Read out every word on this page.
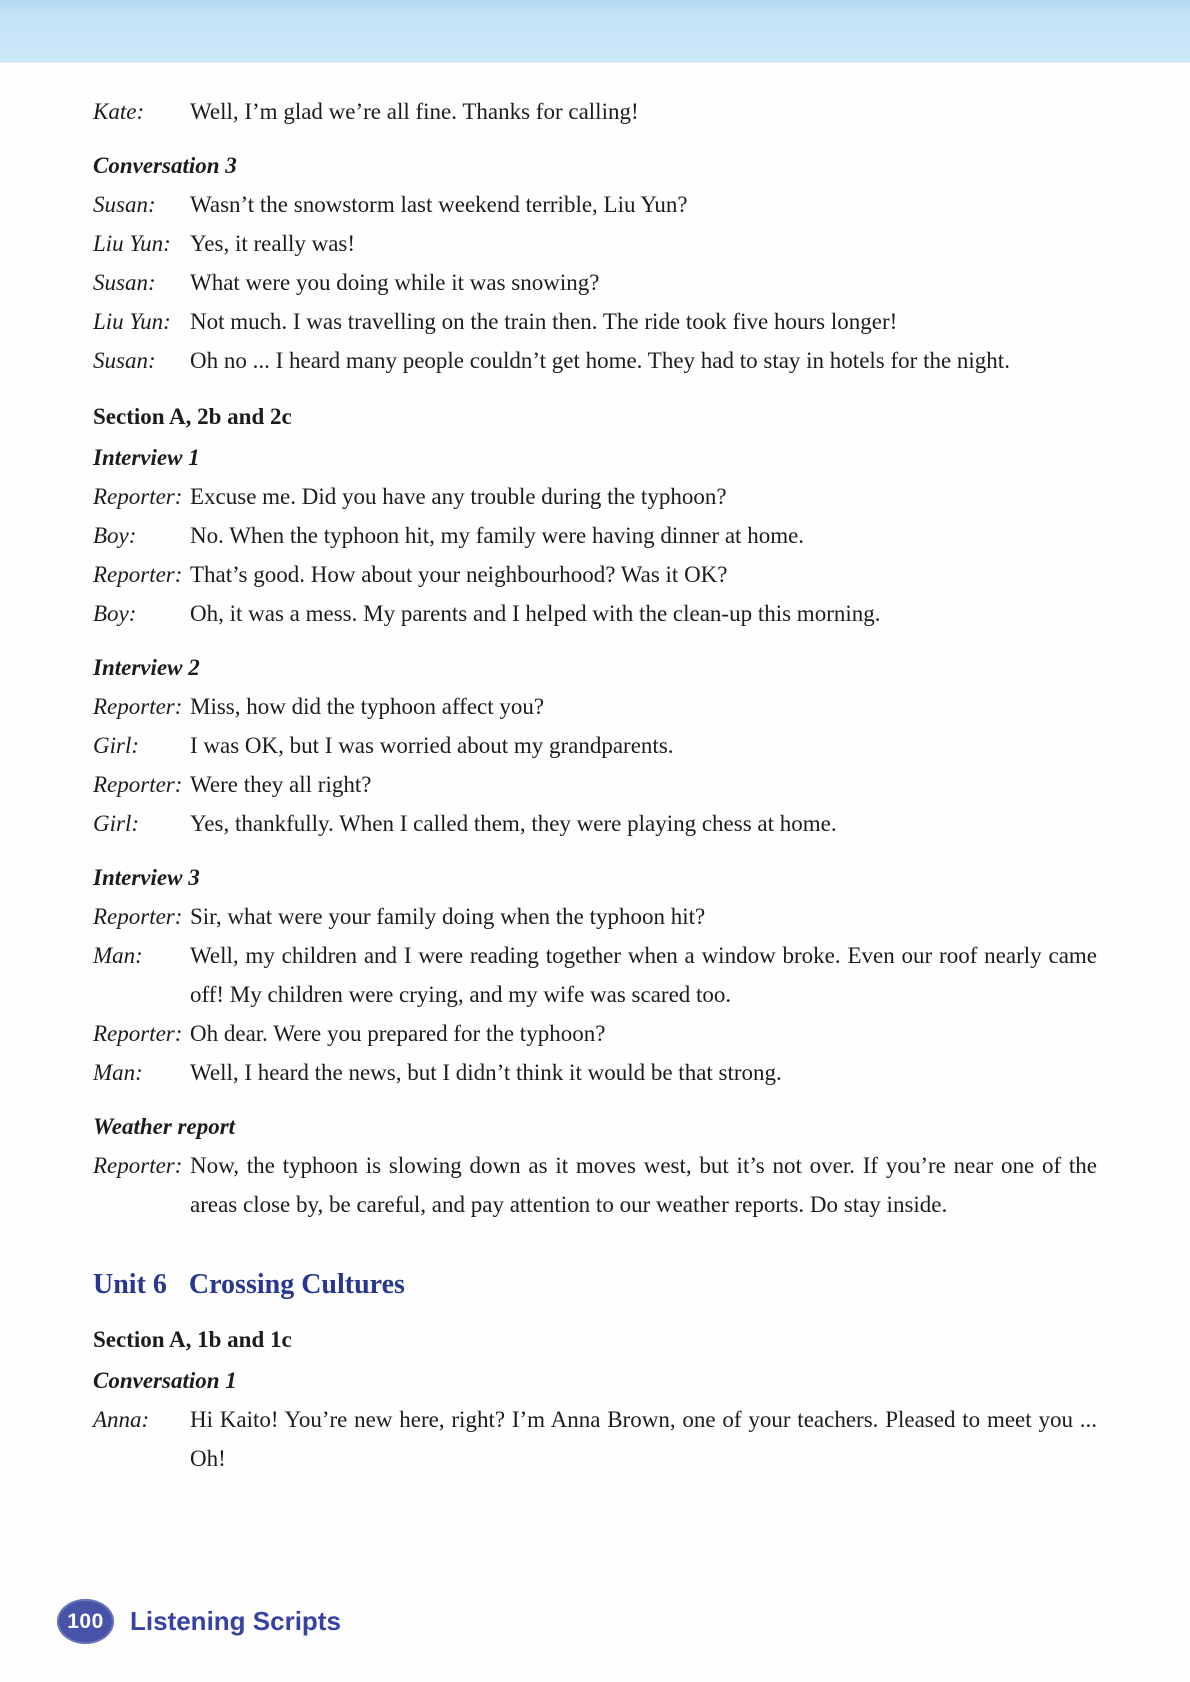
Kate:	Well, I’m glad we’re all fine. Thanks for calling!
Conversation 3
Susan:	Wasn’t the snowstorm last weekend terrible, Liu Yun?
Liu Yun: Yes, it really was!
Susan:	What were you doing while it was snowing?
Liu Yun: Not much. I was travelling on the train then. The ride took five hours longer!
Susan:	Oh no ... I heard many people couldn’t get home. They had to stay in hotels for the night.
Section A, 2b and 2c
Interview 1
Reporter: Excuse me. Did you have any trouble during the typhoon?
Boy:	No. When the typhoon hit, my family were having dinner at home.
Reporter: That’s good. How about your neighbourhood? Was it OK?
Boy:	Oh, it was a mess. My parents and I helped with the clean-up this morning.
Interview 2
Reporter: Miss, how did the typhoon affect you?
Girl:	I was OK, but I was worried about my grandparents.
Reporter: Were they all right?
Girl:	Yes, thankfully. When I called them, they were playing chess at home.
Interview 3
Reporter: Sir, what were your family doing when the typhoon hit?
Man:	Well, my children and I were reading together when a window broke. Even our roof nearly came off! My children were crying, and my wife was scared too.
Reporter: Oh dear. Were you prepared for the typhoon?
Man:	Well, I heard the news, but I didn’t think it would be that strong.
Weather report
Reporter: Now, the typhoon is slowing down as it moves west, but it’s not over. If you’re near one of the areas close by, be careful, and pay attention to our weather reports. Do stay inside.
Unit 6 Crossing Cultures
Section A, 1b and 1c
Conversation 1
Anna:	Hi Kaito! You’re new here, right? I’m Anna Brown, one of your teachers. Pleased to meet you ... Oh!
100 Listening Scripts
